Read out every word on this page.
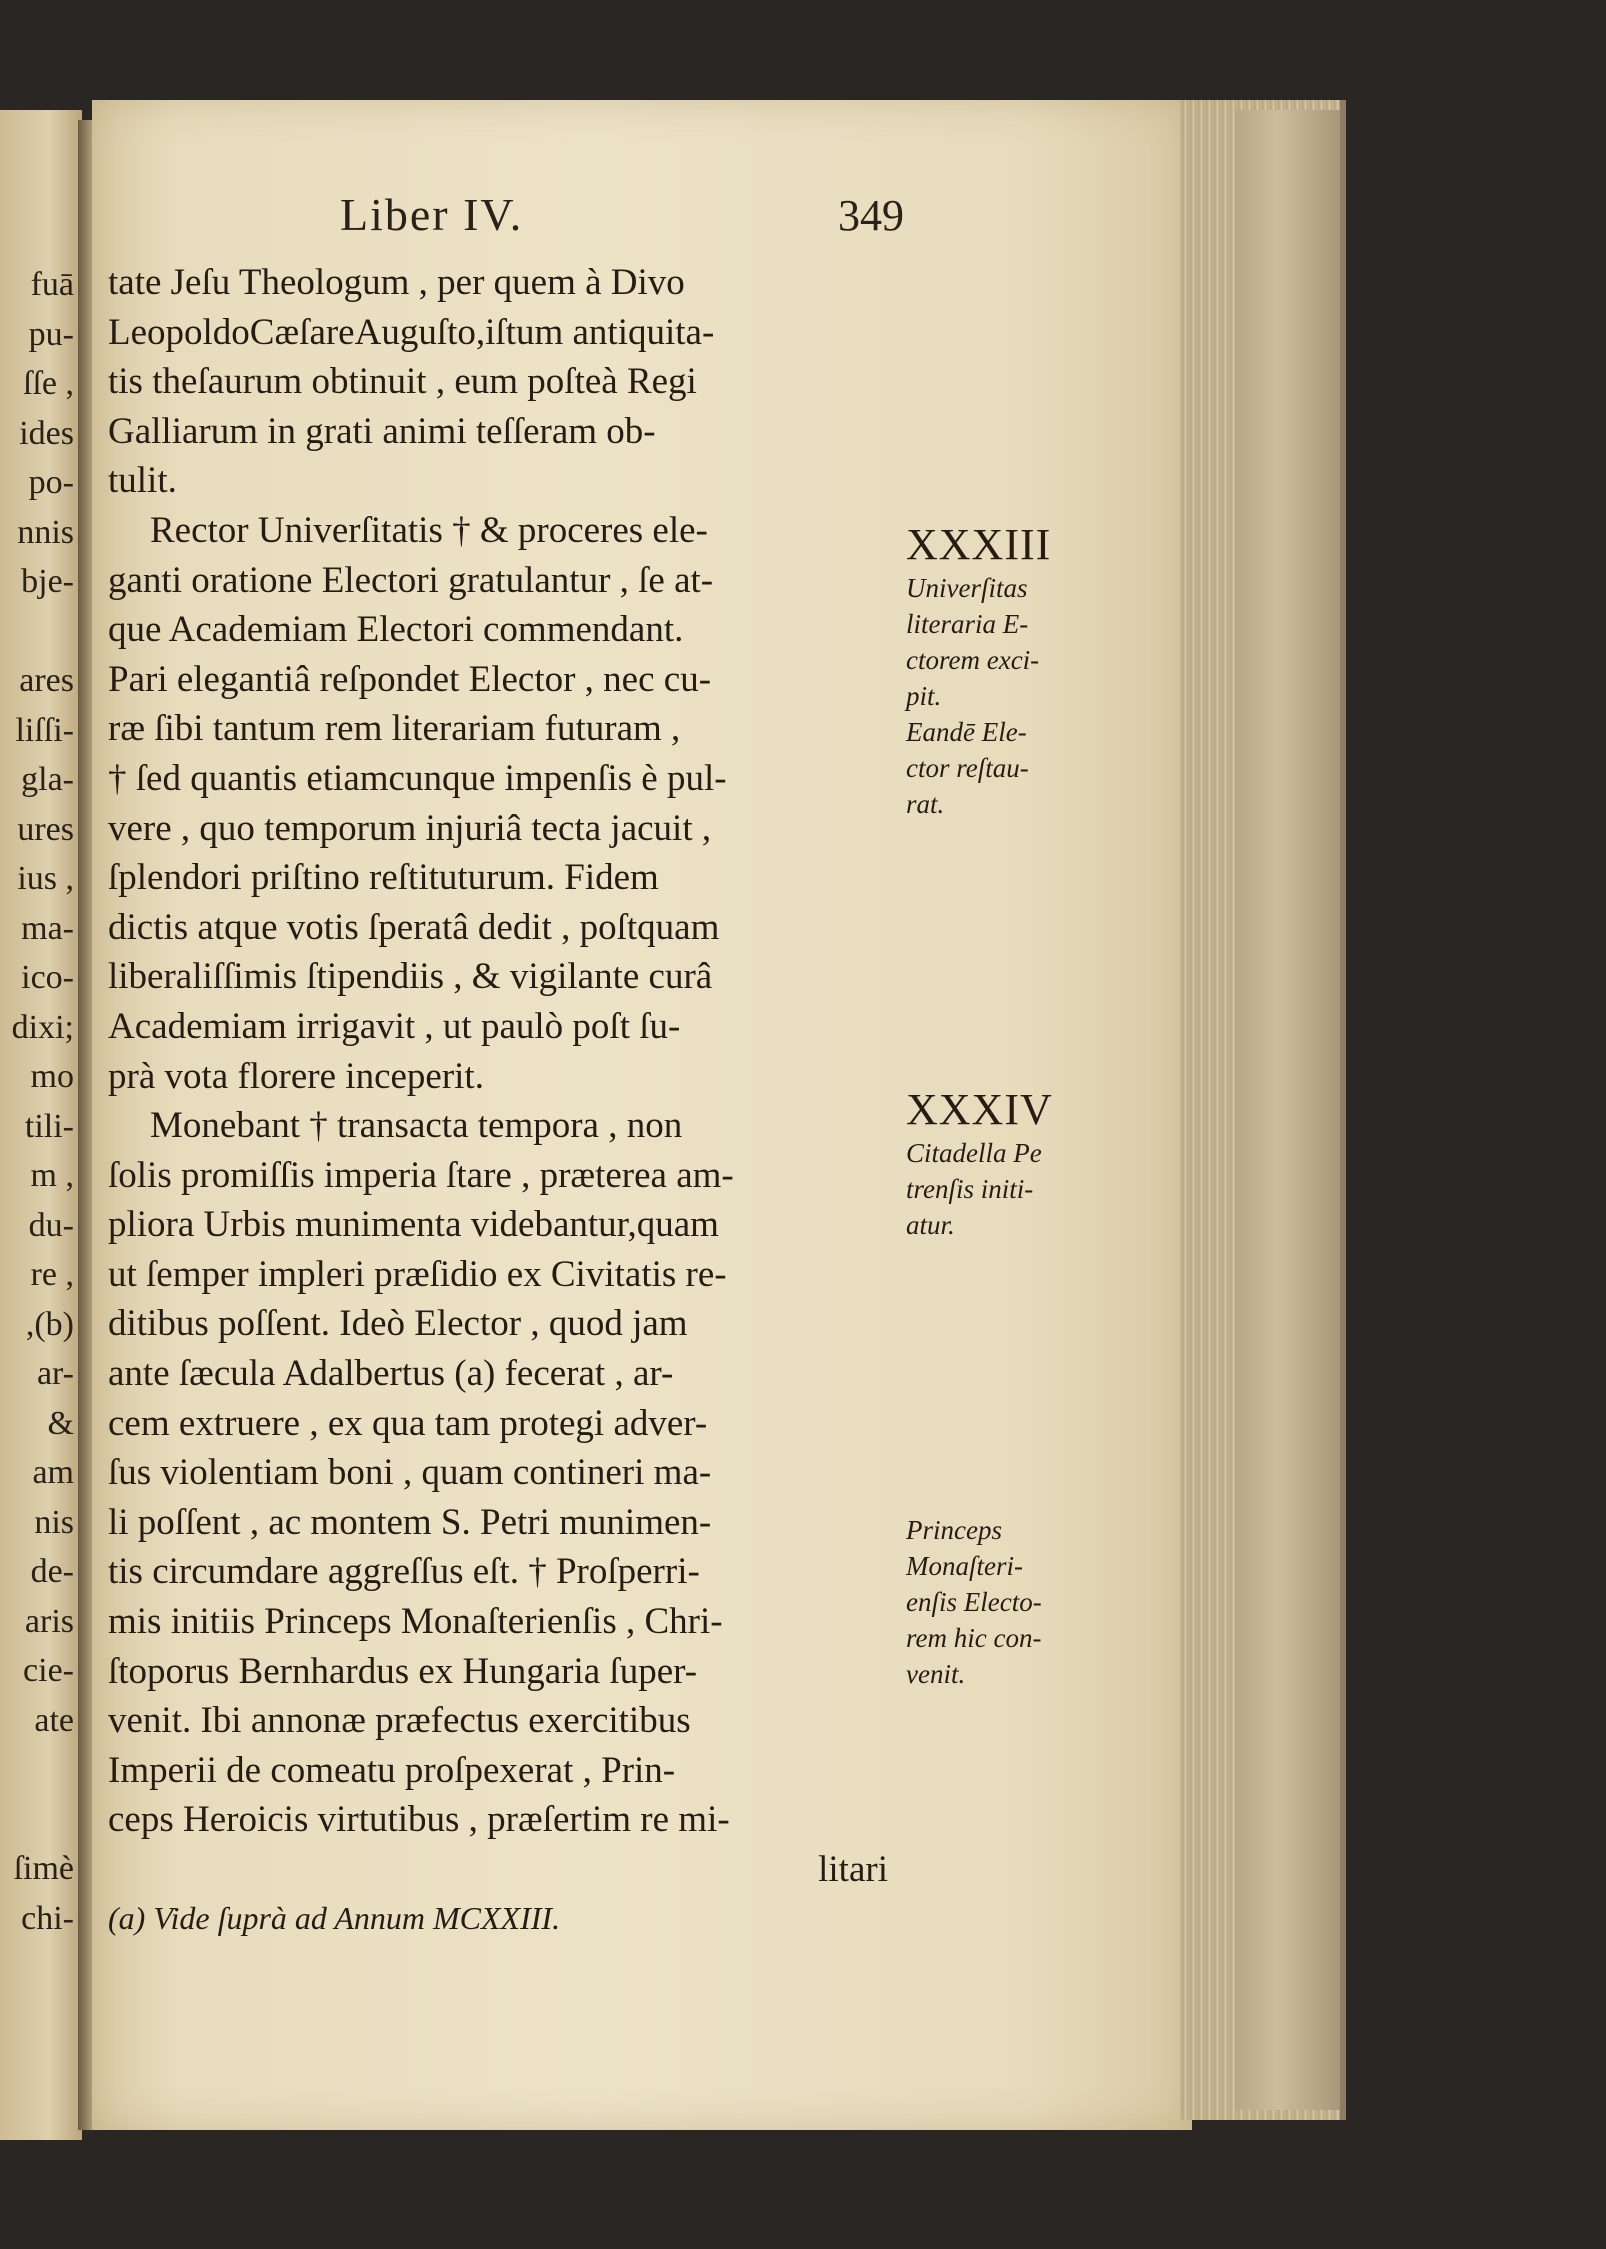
fuā
pu-
ſſe ,
ides
po-
nnis
bje-

ares
liſſi-
gla-
ures
ius ,
ma-
ico-
dixi;
mo
tili-
m ,
du-
re ,
,(b)
ar-
&
am
nis
de-
aris
cie-
ate

ſimè
chi-
Liber IV.	349
tate Jeſu Theologum , per quem à Divo
LeopoldoCæſareAuguſto,iſtum antiquita-
tis theſaurum obtinuit , eum poſteà Regi
Galliarum in grati animi teſſeram ob-
tulit.
Rector Univerſitatis † & proceres ele-
ganti oratione Electori gratulantur , ſe at-
que Academiam Electori commendant.
Pari elegantiâ reſpondet Elector , nec cu-
ræ ſibi tantum rem literariam futuram ,
† ſed quantis etiamcunque impenſis è pul-
vere , quo temporum injuriâ tecta jacuit ,
ſplendori priſtino reſtituturum. Fidem
dictis atque votis ſperatâ dedit , poſtquam
liberaliſſimis ſtipendiis , & vigilante curâ
Academiam irrigavit , ut paulò poſt ſu-
prà vota florere inceperit.
Monebant † transacta tempora , non
ſolis promiſſis imperia ſtare , præterea am-
pliora Urbis munimenta videbantur,quam
ut ſemper impleri præſidio ex Civitatis re-
ditibus poſſent. Ideò Elector , quod jam
ante ſæcula Adalbertus (a) fecerat , ar-
cem extruere , ex qua tam protegi adver-
ſus violentiam boni , quam contineri ma-
li poſſent , ac montem S. Petri munimen-
tis circumdare aggreſſus eſt. † Proſperri-
mis initiis Princeps Monaſterienſis , Chri-
ſtoporus Bernhardus ex Hungaria ſuper-
venit. Ibi annonæ præfectus exercitibus
Imperii de comeatu proſpexerat , Prin-
ceps Heroicis virtutibus , præſertim re mi-
litari
XXXIII
Univerſitas
literaria E-
ctorem exci-
pit.
Eandē Ele-
ctor reſtau-
rat.
XXXIV
Citadella Pe
trenſis initi-
atur.
Princeps
Monaſteri-
enſis Electo-
rem hic con-
venit.
(a) Vide ſuprà ad Annum MCXXIII.
